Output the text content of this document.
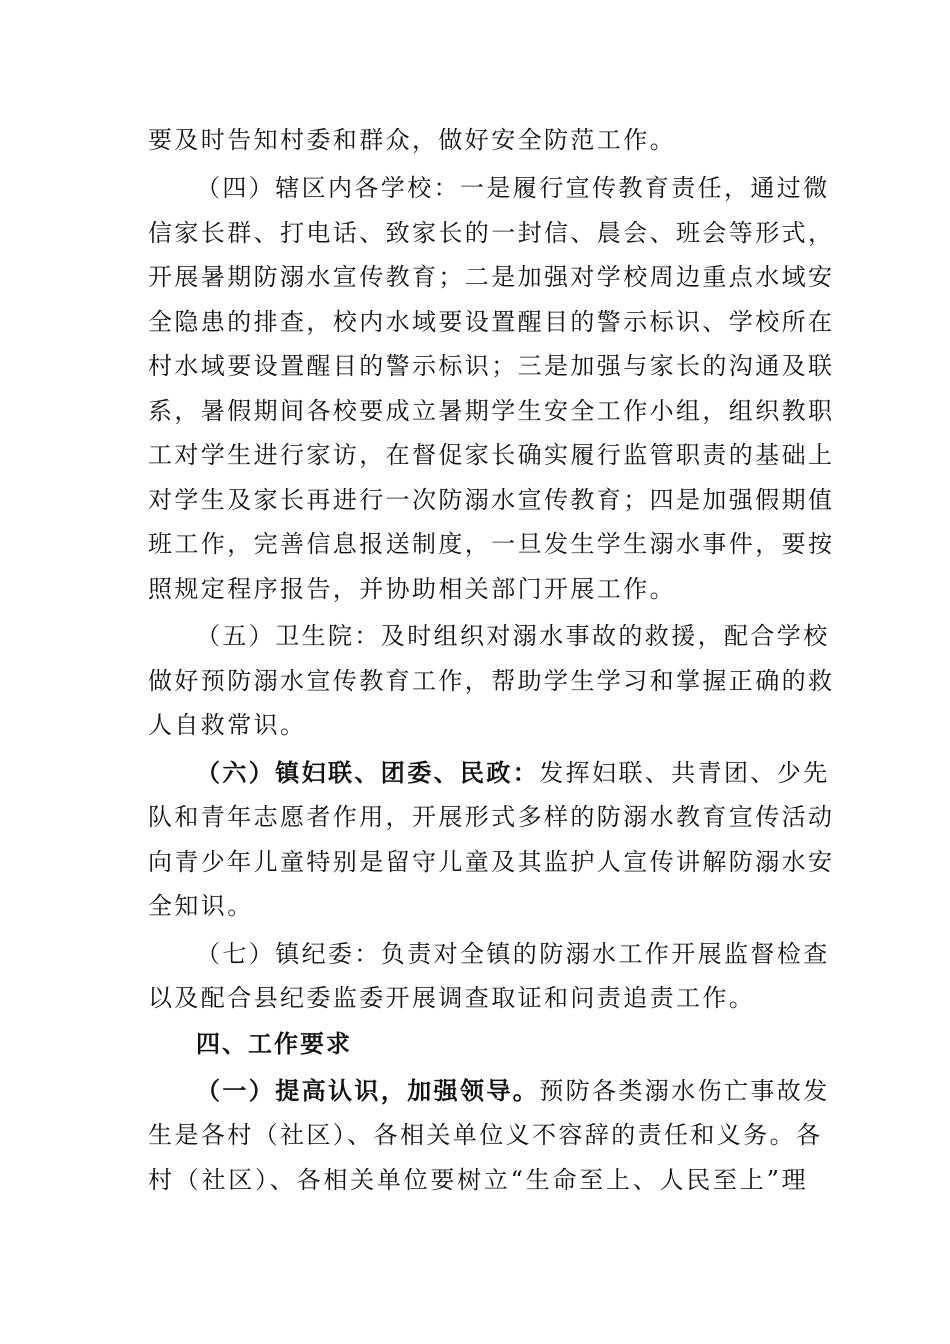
要及时告知村委和群众，做好安全防范工作。
（四）辖区内各学校：一是履行宣传教育责任，通过微
信家长群、打电话、致家长的一封信、晨会、班会等形式，
开展暑期防溺水宣传教育；二是加强对学校周边重点水域安
全隐患的排查，校内水域要设置醒目的警示标识、学校所在
村水域要设置醒目的警示标识；三是加强与家长的沟通及联
系，暑假期间各校要成立暑期学生安全工作小组，组织教职
工对学生进行家访，在督促家长确实履行监管职责的基础上
对学生及家长再进行一次防溺水宣传教育；四是加强假期值
班工作，完善信息报送制度，一旦发生学生溺水事件，要按
照规定程序报告，并协助相关部门开展工作。
（五）卫生院：及时组织对溺水事故的救援，配合学校
做好预防溺水宣传教育工作，帮助学生学习和掌握正确的救
人自救常识。
（六）镇妇联、团委、民政：发挥妇联、共青团、少先
队和青年志愿者作用，开展形式多样的防溺水教育宣传活动
向青少年儿童特别是留守儿童及其监护人宣传讲解防溺水安
全知识。
（七）镇纪委：负责对全镇的防溺水工作开展监督检查
以及配合县纪委监委开展调查取证和问责追责工作。
四、工作要求
（一）提高认识，加强领导。预防各类溺水伤亡事故发
生是各村（社区）、各相关单位义不容辞的责任和义务。各
村（社区）、各相关单位要树立“生命至上、人民至上”理
